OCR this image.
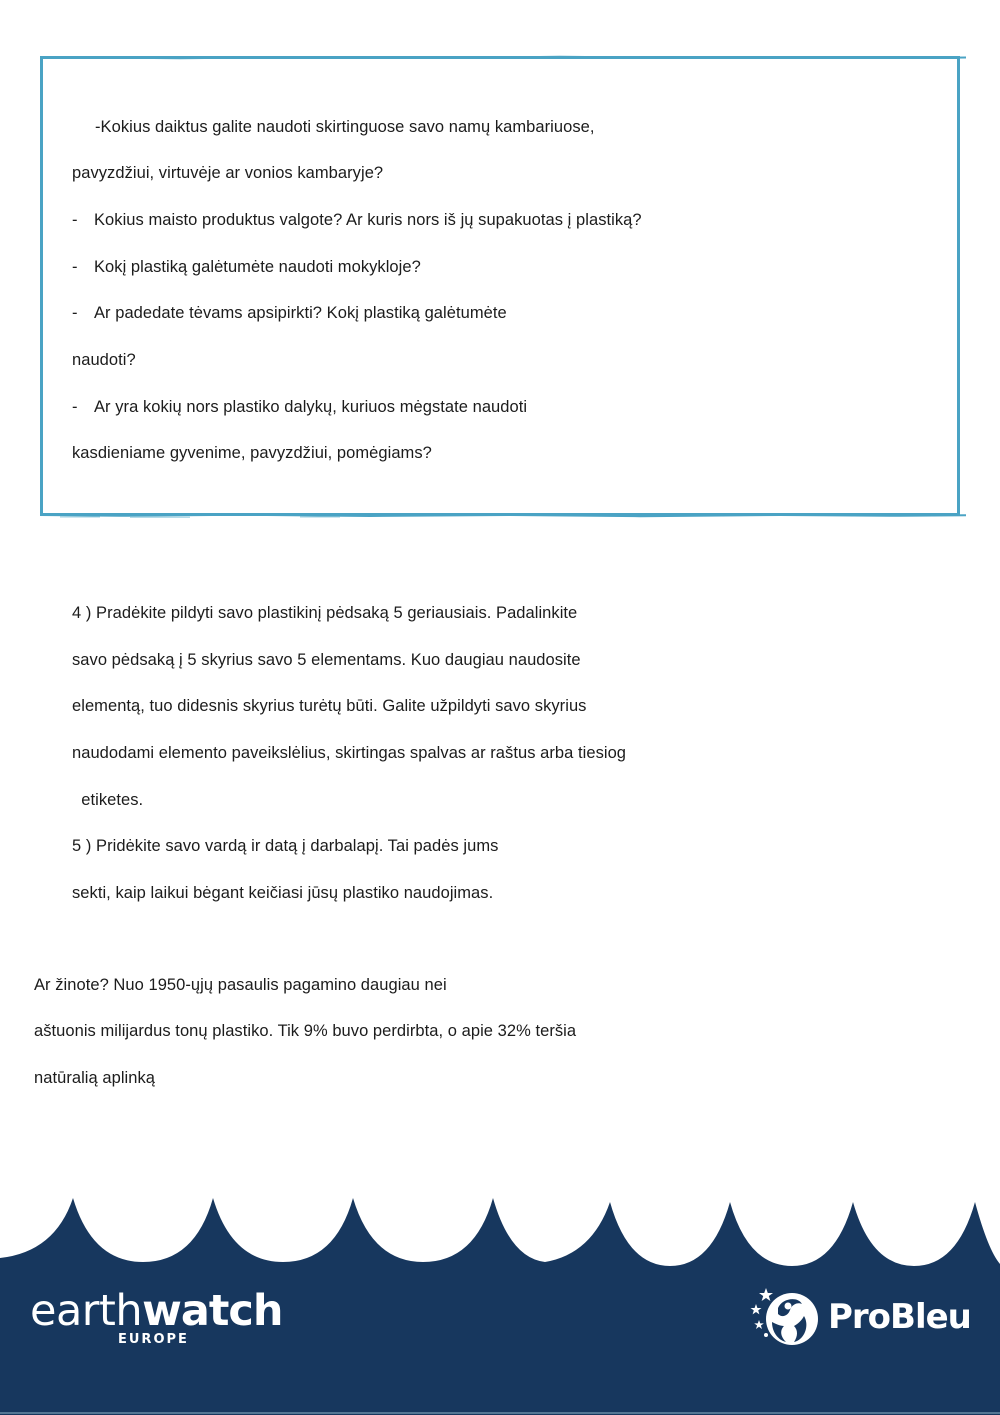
-Kokius daiktus galite naudoti skirtinguose savo namų kambariuose,
pavyzdžiui, virtuvėje ar vonios kambaryje?
- Kokius maisto produktus valgote? Ar kuris nors iš jų supakuotas į plastiką?
- Kokį plastiką galėtumėte naudoti mokykloje?
- Ar padedate tėvams apsipirkti? Kokį plastiką galėtumėte
naudoti?
- Ar yra kokių nors plastiko dalykų, kuriuos mėgstate naudoti
kasdieniame gyvenime, pavyzdžiui, pomėgiams?
4 ) Pradėkite pildyti savo plastikinį pėdsaką 5 geriausiais. Padalinkite
savo pėdsaką į 5 skyrius savo 5 elementams. Kuo daugiau naudosite
elementą, tuo didesnis skyrius turėtų būti. Galite užpildyti savo skyrius
naudodami elemento paveikslėlius, skirtingas spalvas ar raštus arba tiesiog
etiketes.
5 ) Pridėkite savo vardą ir datą į darbalapį. Tai padės jums
sekti, kaip laikui bėgant keičiasi jūsų plastiko naudojimas.
Ar žinote? Nuo 1950-ųjų pasaulis pagamino daugiau nei
aštuonis milijardus tonų plastiko. Tik 9% buvo perdirbta, o apie 32% teršia
natūralią aplinką
earthwatch
EUROPE
ProBleu
